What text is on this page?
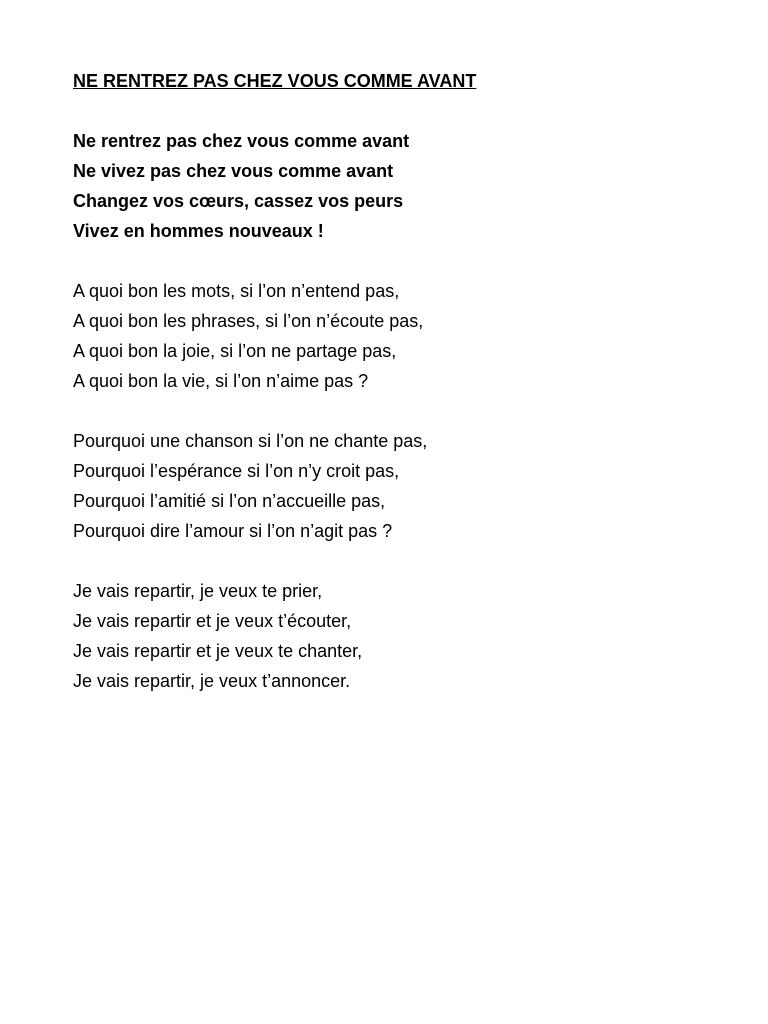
NE RENTREZ PAS CHEZ VOUS COMME AVANT
Ne rentrez pas chez vous comme avant
Ne vivez pas chez vous comme avant
Changez vos cœurs, cassez vos peurs
Vivez en hommes nouveaux !
A quoi bon les mots, si l’on n’entend pas,
A quoi bon les phrases, si l’on n’écoute pas,
A quoi bon la joie, si l’on ne partage pas,
A quoi bon la vie, si l’on n’aime pas ?
Pourquoi une chanson si l’on ne chante pas,
Pourquoi l’espérance si l’on n’y croit pas,
Pourquoi l’amitié si l’on n’accueille pas,
Pourquoi dire l’amour si l’on n’agit pas ?
Je vais repartir, je veux te prier,
Je vais repartir et je veux t’écouter,
Je vais repartir et je veux te chanter,
Je vais repartir, je veux t’annoncer.
